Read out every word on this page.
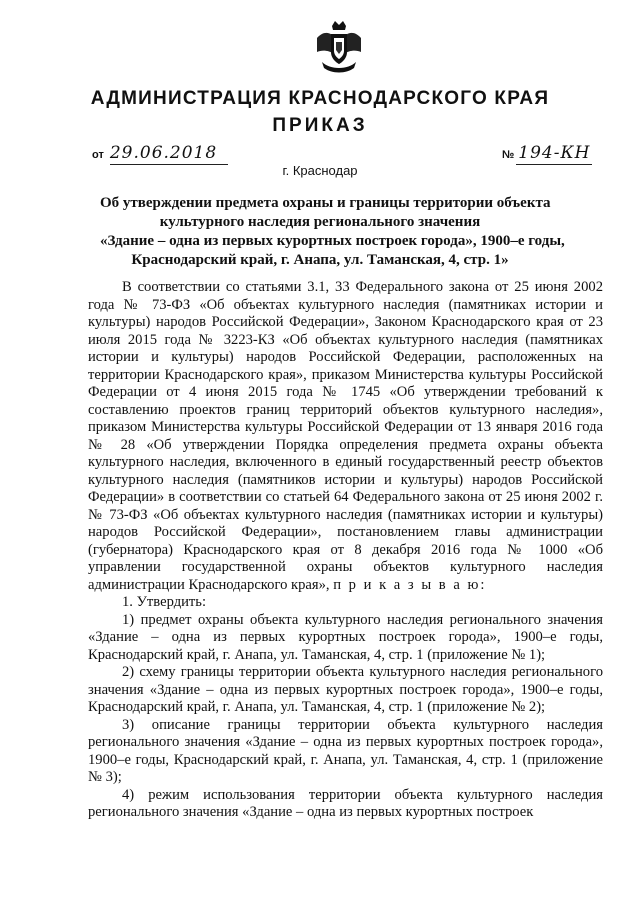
АДМИНИСТРАЦИЯ КРАСНОДАРСКОГО КРАЯ
ПРИКАЗ
от 29.06.2018	№ 194-КН
г. Краснодар
Об утверждении предмета охраны и границы территории объекта
культурного наследия регионального значения
«Здание – одна из первых курортных построек города», 1900–е годы,
Краснодарский край, г. Анапа, ул. Таманская, 4, стр. 1»

В соответствии со статьями 3.1, 33 Федерального закона от 25 июня 2002 года № 73-ФЗ «Об объектах культурного наследия (памятниках истории и культуры) народов Российской Федерации», Законом Краснодарского края от 23 июля 2015 года № 3223-КЗ «Об объектах культурного наследия (памятниках истории и культуры) народов Российской Федерации, расположенных на территории Краснодарского края», приказом Министерства культуры Российской Федерации от 4 июня 2015 года № 1745 «Об утверждении требований к составлению проектов границ территорий объектов культурного наследия», приказом Министерства культуры Российской Федерации от 13 января 2016 года № 28 «Об утверждении Порядка определения предмета охраны объекта культурного наследия, включенного в единый государственный реестр объектов культурного наследия (памятников истории и культуры) народов Российской Федерации» в соответствии со статьей 64 Федерального закона от 25 июня 2002 г. № 73-ФЗ «Об объектах культурного наследия (памятниках истории и культуры) народов Российской Федерации», постановлением главы администрации (губернатора) Краснодарского края от 8 декабря 2016 года № 1000 «Об управлении государственной охраны объектов культурного наследия администрации Краснодарского края», п р и к а з ы в а ю:

1. Утвердить:

1) предмет охраны объекта культурного наследия регионального значения «Здание – одна из первых курортных построек города», 1900–е годы, Краснодарский край, г. Анапа, ул. Таманская, 4, стр. 1 (приложение № 1);

2) схему границы территории объекта культурного наследия регионального значения «Здание – одна из первых курортных построек города», 1900–е годы, Краснодарский край, г. Анапа, ул. Таманская, 4, стр. 1 (приложение № 2);

3) описание границы территории объекта культурного наследия регионального значения «Здание – одна из первых курортных построек города», 1900–е годы, Краснодарский край, г. Анапа, ул. Таманская, 4, стр. 1 (приложение № 3);

4) режим использования территории объекта культурного наследия регионального значения «Здание – одна из первых курортных построек
